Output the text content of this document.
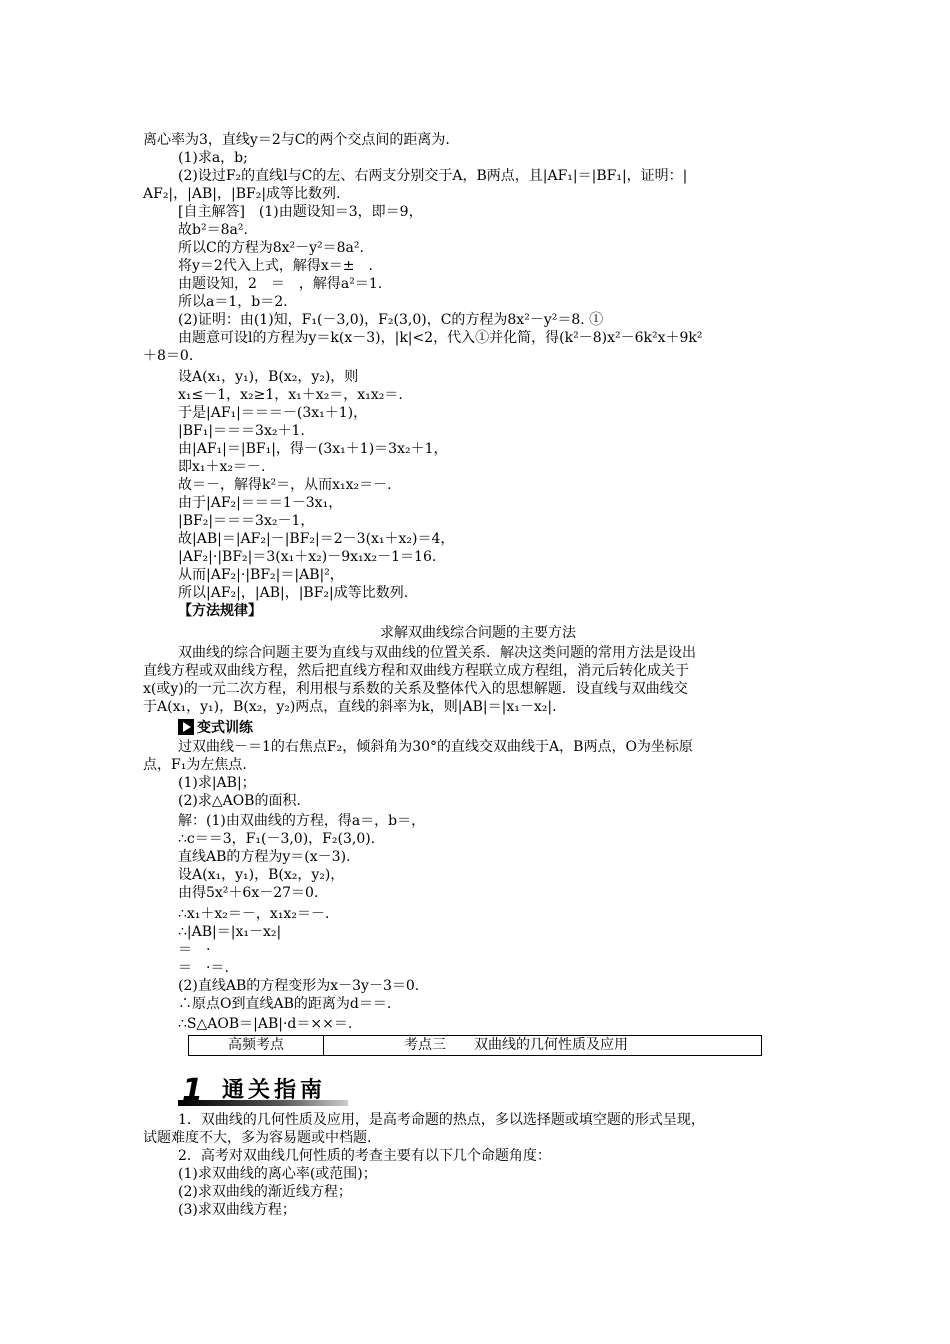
离心率为3，直线y＝2与C的两个交点间的距离为.
(1)求a，b;
(2)设过F₂的直线l与C的左、右两支分别交于A，B两点，且|AF₁|＝|BF₁|，证明：|
AF₂|，|AB|，|BF₂|成等比数列.
[自主解答]　(1)由题设知＝3，即＝9，
故b²＝8a².
所以C的方程为8x²－y²＝8a².
将y＝2代入上式，解得x＝±　.
由题设知，2　＝　，解得a²＝1.
所以a＝1，b＝2.
(2)证明：由(1)知，F₁(－3,0)，F₂(3,0)，C的方程为8x²－y²＝8. ①
由题意可设l的方程为y＝k(x－3)，|k|<2，代入①并化简，得(k²－8)x²－6k²x＋9k²
＋8＝0.
设A(x₁，y₁)，B(x₂，y₂)，则
x₁≤－1，x₂≥1，x₁＋x₂＝，x₁x₂＝.
于是|AF₁|＝＝＝－(3x₁＋1)，
|BF₁|＝＝＝3x₂＋1.
由|AF₁|＝|BF₁|，得－(3x₁＋1)＝3x₂＋1，
即x₁＋x₂＝－.
故＝－，解得k²＝，从而x₁x₂＝－.
由于|AF₂|＝＝＝1－3x₁，
|BF₂|＝＝＝3x₂－1，
故|AB|＝|AF₂|－|BF₂|＝2－3(x₁＋x₂)＝4，
|AF₂|·|BF₂|＝3(x₁＋x₂)－9x₁x₂－1＝16.
从而|AF₂|·|BF₂|＝|AB|²，
所以|AF₂|，|AB|，|BF₂|成等比数列.
【方法规律】
求解双曲线综合问题的主要方法
双曲线的综合问题主要为直线与双曲线的位置关系．解决这类问题的常用方法是设出
直线方程或双曲线方程，然后把直线方程和双曲线方程联立成方程组，消元后转化成关于
x(或y)的一元二次方程，利用根与系数的关系及整体代入的思想解题．设直线与双曲线交
于A(x₁，y₁)，B(x₂，y₂)两点，直线的斜率为k，则|AB|＝|x₁－x₂|.
过双曲线－＝1的右焦点F₂，倾斜角为30°的直线交双曲线于A，B两点，O为坐标原
点，F₁为左焦点.
(1)求|AB|；
(2)求△AOB的面积.
解：(1)由双曲线的方程，得a＝，b＝，
∴c＝＝3，F₁(－3,0)，F₂(3,0).
直线AB的方程为y＝(x－3).
设A(x₁，y₁)，B(x₂，y₂)，
由得5x²＋6x－27＝0.
∴x₁＋x₂＝－，x₁x₂＝－.
∴|AB|＝|x₁－x₂|
＝　·
＝　·＝.
(2)直线AB的方程变形为x－3y－3＝0.
∴原点O到直线AB的距离为d＝＝.
∴S△AOB＝|AB|·d＝××＝.
1．双曲线的几何性质及应用，是高考命题的热点，多以选择题或填空题的形式呈现，
试题难度不大，多为容易题或中档题.
2．高考对双曲线几何性质的考查主要有以下几个命题角度：
(1)求双曲线的离心率(或范围)；
(2)求双曲线的渐近线方程；
(3)求双曲线方程；
变式训练
高频考点	考点三　　双曲线的几何性质及应用
1 通关指南
